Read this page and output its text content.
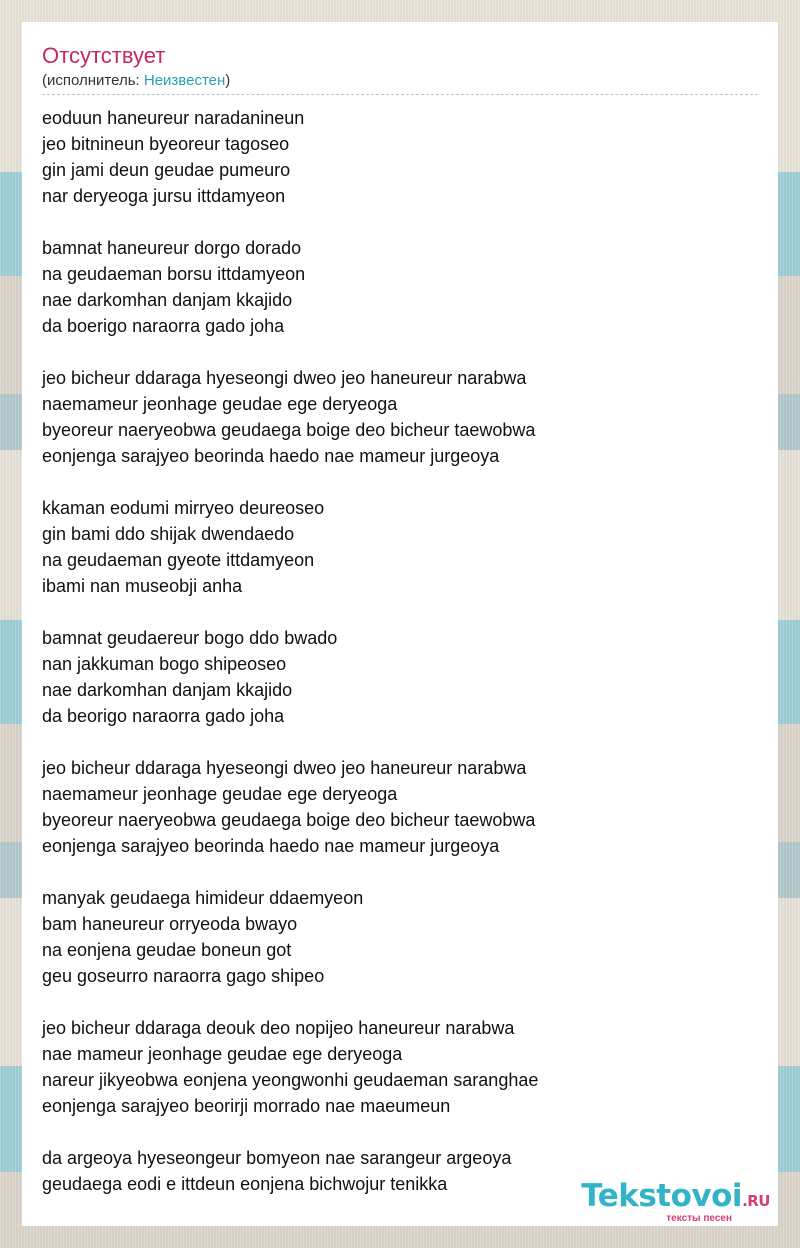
Отсутствует
(исполнитель: Неизвестен)
eoduun haneureur naradanineun
jeo bitnineun byeoreur tagoseo
gin jami deun geudae pumeuro
nar deryeoga jursu ittdamyeon
bamnat haneureur dorgo dorado
na geudaeman borsu ittdamyeon
nae darkomhan danjam kkajido
da boerigo naraorra gado joha
jeo bicheur ddaraga hyeseongi dweo jeo haneureur narabwa
naemameur jeonhage geudae ege deryeoga
byeoreur naeryeobwa geudaega boige deo bicheur taewobwa
eonjenga sarajyeo beorinda haedo nae mameur jurgeoya
kkaman eodumi mirryeo deureoseo
gin bami ddo shijak dwendaedo
na geudaeman gyeote ittdamyeon
ibami nan museobji anha
bamnat geudaereur bogo ddo bwado
nan jakkuman bogo shipeoseo
nae darkomhan danjam kkajido
da beorigo naraorra gado joha
jeo bicheur ddaraga hyeseongi dweo jeo haneureur narabwa
naemameur jeonhage geudae ege deryeoga
byeoreur naeryeobwa geudaega boige deo bicheur taewobwa
eonjenga sarajyeo beorinda haedo nae mameur jurgeoya
manyak geudaega himideur ddaemyeon
bam haneureur orryeoda bwayo
na eonjena geudae boneun got
geu goseurro naraorra gago shipeo
jeo bicheur ddaraga deouk deo nopijeo haneureur narabwa
nae mameur jeonhage geudae ege deryeoga
nareur jikyeobwa eonjena yeongwonhi geudaeman saranghae
eonjenga sarajyeo beorirji morrado nae maeumeun
da argeoya hyeseongeur bomyeon nae sarangeur argeoya
geudaega eodi e ittdeun eonjena bichwojur tenikka	Tekstovoi.RU
тексты песен
